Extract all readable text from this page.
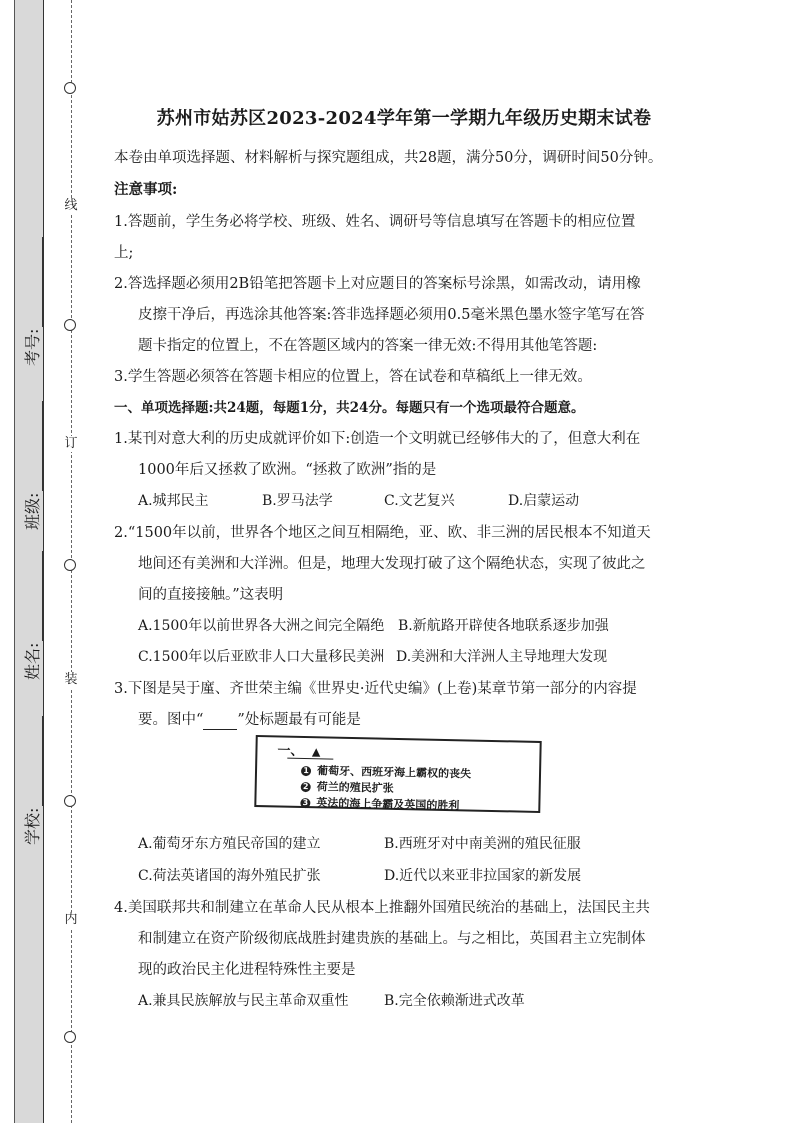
线
订
装
内
考号:
班级:
姓名:
学校:
苏州市姑苏区2023-2024学年第一学期九年级历史期末试卷
本卷由单项选择题、材料解析与探究题组成，共28题，满分50分，调研时间50分钟。
注意事项:
1.答题前，学生务必将学校、班级、姓名、调研号等信息填写在答题卡的相应位置
上;
2.答选择题必须用2B铅笔把答题卡上对应题目的答案标号涂黑，如需改动，请用橡
皮擦干净后，再选涂其他答案:答非选择题必须用0.5毫米黑色墨水签字笔写在答
题卡指定的位置上，不在答题区域内的答案一律无效:不得用其他笔答题:
3.学生答题必须答在答题卡相应的位置上，答在试卷和草稿纸上一律无效。
一、单项选择题:共24题，每题1分，共24分。每题只有一个选项最符合题意。
1.某刊对意大利的历史成就评价如下:创造一个文明就已经够伟大的了，但意大利在
1000年后又拯救了欧洲。“拯救了欧洲”指的是
A.城邦民主	B.罗马法学	C.文艺复兴	D.启蒙运动
2.“1500年以前，世界各个地区之间互相隔绝，亚、欧、非三洲的居民根本不知道天
地间还有美洲和大洋洲。但是，地理大发现打破了这个隔绝状态，实现了彼此之
间的直接接触。”这表明
A.1500年以前世界各大洲之间完全隔绝 B.新航路开辟使各地联系逐步加强
C.1500年以后亚欧非人口大量移民美洲 D.美洲和大洋洲人主导地理大发现
3.下图是吴于廑、齐世荣主编《世界史·近代史编》(上卷)某章节第一部分的内容提
要。图中“ ”处标题最有可能是
一、 ▲
1 葡萄牙、西班牙海上霸权的丧失
2 荷兰的殖民扩张
3 英法的海上争霸及英国的胜利
A.葡萄牙东方殖民帝国的建立	B.西班牙对中南美洲的殖民征服
C.荷法英诸国的海外殖民扩张	D.近代以来亚非拉国家的新发展
4.美国联邦共和制建立在革命人民从根本上推翻外国殖民统治的基础上，法国民主共
和制建立在资产阶级彻底战胜封建贵族的基础上。与之相比，英国君主立宪制体
现的政治民主化进程特殊性主要是
A.兼具民族解放与民主革命双重性	B.完全依赖渐进式改革
